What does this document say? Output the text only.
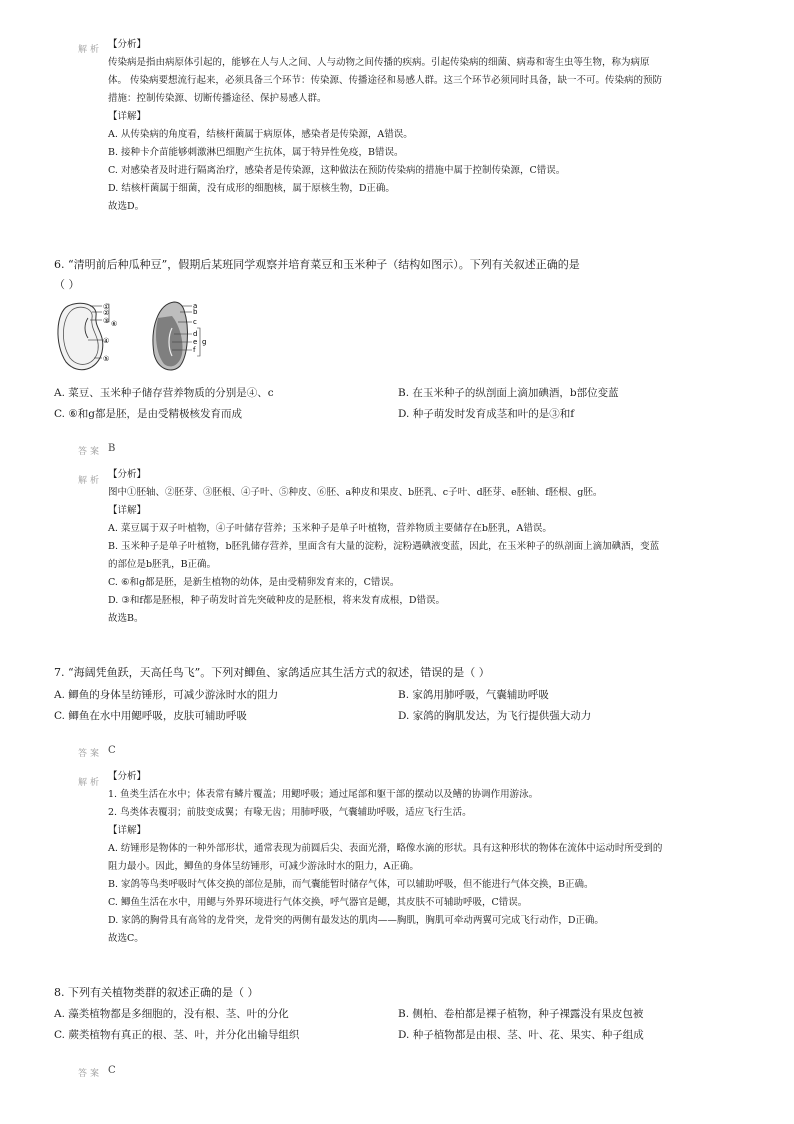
解析 【分析】
传染病是指由病原体引起的，能够在人与人之间、人与动物之间传播的疾病。引起传染病的细菌、病毒和寄生虫等生物，称为病原
体。 传染病要想流行起来，必须具备三个环节：传染源、传播途径和易感人群。这三个环节必须同时具备，缺一不可。传染病的预防
措施：控制传染源、切断传播途径、保护易感人群。
【详解】
A. 从传染病的角度看，结核杆菌属于病原体，感染者是传染源，A错误。
B. 接种卡介苗能够刺激淋巴细胞产生抗体，属于特异性免疫，B错误。
C. 对感染者及时进行隔离治疗，感染者是传染源，这种做法在预防传染病的措施中属于控制传染源，C错误。
D. 结核杆菌属于细菌，没有成形的细胞核，属于原核生物，D正确。
故选D。
6. “清明前后种瓜种豆”，假期后某班同学观察并培育菜豆和玉米种子（结构如图示）。下列有关叙述正确的是
（ ）
①
②
③
④
⑤
⑥
a
b
c
d
e
f
g
A. 菜豆、玉米种子储存营养物质的分别是④、c	B. 在玉米种子的纵剖面上滴加碘酒，b部位变蓝
C. ⑥和g都是胚，是由受精极核发育而成	D. 种子萌发时发育成茎和叶的是③和f
答案 B
解析
【分析】
图中①胚轴、②胚芽、③胚根、④子叶、⑤种皮、⑥胚、a种皮和果皮、b胚乳、c子叶、d胚芽、e胚轴、f胚根、g胚。
【详解】
A. 菜豆属于双子叶植物，④子叶储存营养；玉米种子是单子叶植物，营养物质主要储存在b胚乳，A错误。
B. 玉米种子是单子叶植物，b胚乳储存营养，里面含有大量的淀粉，淀粉遇碘液变蓝，因此，在玉米种子的纵剖面上滴加碘酒，变蓝
的部位是b胚乳，B正确。
C. ⑥和g都是胚，是新生植物的幼体，是由受精卵发育来的，C错误。
D. ③和f都是胚根，种子萌发时首先突破种皮的是胚根，将来发育成根，D错误。
故选B。
7. “海阔凭鱼跃，天高任鸟飞”。下列对鲫鱼、家鸽适应其生活方式的叙述，错误的是（ ）
A. 鲫鱼的身体呈纺锤形，可减少游泳时水的阻力	B. 家鸽用肺呼吸，气囊辅助呼吸
C. 鲫鱼在水中用鳃呼吸，皮肤可辅助呼吸	D. 家鸽的胸肌发达，为飞行提供强大动力
答案 C
解析
【分析】
1. 鱼类生活在水中；体表常有鳞片覆盖；用鳃呼吸；通过尾部和躯干部的摆动以及鳍的协调作用游泳。
2. 鸟类体表覆羽；前肢变成翼；有喙无齿；用肺呼吸，气囊辅助呼吸，适应飞行生活。
【详解】
A. 纺锤形是物体的一种外部形状，通常表现为前圆后尖、表面光滑，略像水滴的形状。具有这种形状的物体在流体中运动时所受到的
阻力最小。因此，鲫鱼的身体呈纺锤形，可减少游泳时水的阻力，A正确。
B. 家鸽等鸟类呼吸时气体交换的部位是肺，而气囊能暂时储存气体，可以辅助呼吸，但不能进行气体交换，B正确。
C. 鲫鱼生活在水中，用鳃与外界环境进行气体交换，呼气器官是鳃，其皮肤不可辅助呼吸，C错误。
D. 家鸽的胸骨具有高耸的龙骨突，龙骨突的两侧有最发达的肌肉——胸肌，胸肌可牵动两翼可完成飞行动作，D正确。
故选C。
8. 下列有关植物类群的叙述正确的是（ ）
A. 藻类植物都是多细胞的，没有根、茎、叶的分化	B. 侧柏、卷柏都是裸子植物，种子裸露没有果皮包被
C. 蕨类植物有真正的根、茎、叶，并分化出输导组织	D. 种子植物都是由根、茎、叶、花、果实、种子组成
答案 C
